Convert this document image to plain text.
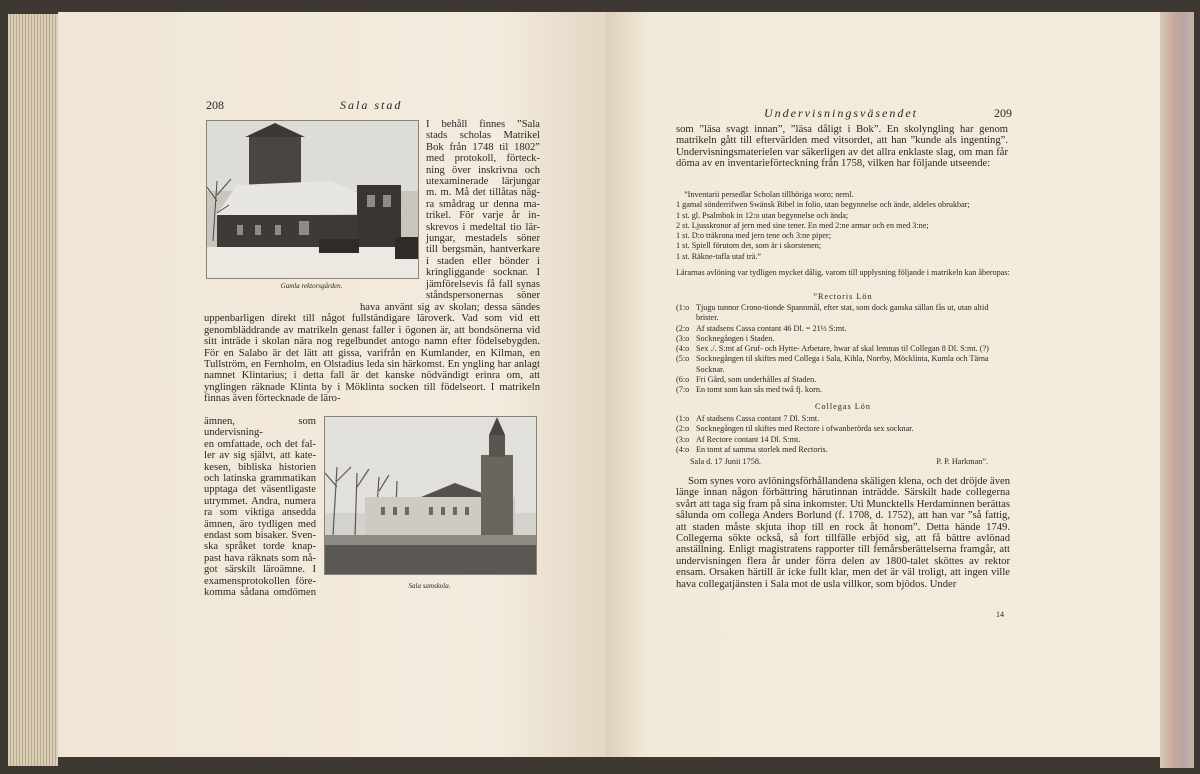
208	Sala stad
Gamla rektorsgården.

I behåll finnes ”Sala

stads scholas Matrikel

Bok från 1748 til 1802”

med protokoll, förteck-

ning över inskrivna och

utexaminerade lärjungar

m. m. Må det tillåtas näg-

ra smådrag ur denna ma-

trikel. För varje år in-

skrevos i medeltal tio lär-

jungar, mestadels söner

till bergsmän, hantverkare

i staden eller bönder i

kringliggande socknar. I

jämförelsevis få fall synas

ståndspersonernas söner

hava använt sig av skolan; dessa sändes uppenbarligen direkt till något fullständigare läroverk. Vad som vid ett genombläddrande av matrikeln genast faller i ögonen är, att bondsönerna vid sitt inträde i skolan nära nog regelbundet antogo namn efter födelsebygden. För en Salabo är det lätt att gissa, varifrån en Kumlander, en Kilman, en Tullström, en Fernholm, en Olstadius leda sin härkomst. En yngling har anlagt namnet Klintarius; i detta fall är det kanske nödvändigt erinra om, att ynglingen räknade Klinta by i Möklinta socken till födelseort. I matrikeln finnas även förtecknade de läro-

Sala samskola.

ämnen, som undervisning-

en omfattade, och det fal-

ler av sig självt, att kate-

kesen, bibliska historien

och latinska grammatikan

upptaga det väsentligaste

utrymmet. Andra, numera

ra som viktiga ansedda

ämnen, äro tydligen med

endast som bisaker. Sven-

ska språket torde knap-

past hava räknats som nå-

got särskilt läroämne. I

examensprotokollen före-

komma sådana omdömen

Undervisningsväsendet	209

som ”läsa svagt innan”, ”läsa dåligt i Bok”. En skolyngling har genom matrikeln gått till eftervärlden med vitsordet, att han ”kunde als ingenting”. Undervisningsmaterielen var säkerligen av det allra enklaste slag, om man får döma av en inventarieförteckning från 1758, vilken har följande utseende:

”Inventarii persedlar Scholan tillhöriga woro; neml.

1 gamal sönderrifwen Swänsk Bibel in folio, utan begynnelse och ände, aldeles obrukbar;

1 st. gl. Psalmbok in 12:o utan begynnelse och ända;

2 st. Ljusskronor af jern med sine tener. En med 2:ne armar och en med 3:ne;

1 st. D:o träkrona med jern tene och 3:ne piper;

1 st. Spiell förutom det, som är i skorstenen;

1 st. Räkne-tafla utaf trä.”

Lärarnas avlöning var tydligen mycket dålig, varom till upplysning följande i matrikeln kan åberopas:

”Rectoris Lön
(1:o Tjugu tunnor Crono-tionde Spannmål, efter stat, som dock ganska sällan fås ut, utan altid brister.
(2:o Af stadsens Cassa contant 46 Dl. = 21⅓ S:mt.
(3:o Socknegången i Staden.
(4:o Sex ./. S:mt af Gruf- och Hytte- Arbetare, hwar af skal lemnas til Collegan 8 Dl. S:mt. (?)
(5:o Socknegången til skiftes med Collega i Sala, Kihla, Norrby, Möcklinta, Kumla och Tärna Socknar.
(6:o Fri Gård, som underhålles af Staden.
(7:o En tomt som kan sås med twå fj. korn.
Collegas Lön
(1:o Af stadsens Cassa contant 7 Dl. S:mt.
(2:o Socknegången til skiftes med Rectore i ofwanberörda sex socknar.
(3:o Af Rectore contant 14 Dl. S:mt.
(4:o En tomt af samma storlek med Rectoris.
Sala d. 17 Junii 1758.	P. P. Harkman”.

Som synes voro avlöningsförhållandena skäligen klena, och det dröjde även länge innan någon förbättring härutinnan inträdde. Särskilt hade collegerna svårt att taga sig fram på sina inkomster. Uti Muncktells Herdaminnen berättas sålunda om collega Anders Borlund (f. 1708, d. 1752), att han var ”så fattig, att staden måste skjuta ihop till en rock åt honom”. Detta hände 1749. Collegerna sökte också, så fort tillfälle erbjöd sig, att få bättre avlönad anställning. Enligt magistratens rapporter till femårsberättelserna framgår, att undervisningen flera år under förra delen av 1800-talet sköttes av rektor ensam. Orsaken härtill är icke fullt klar, men det är väl troligt, att ingen ville hava collegatjänsten i Sala mot de usla villkor, som bjödos. Under

14
